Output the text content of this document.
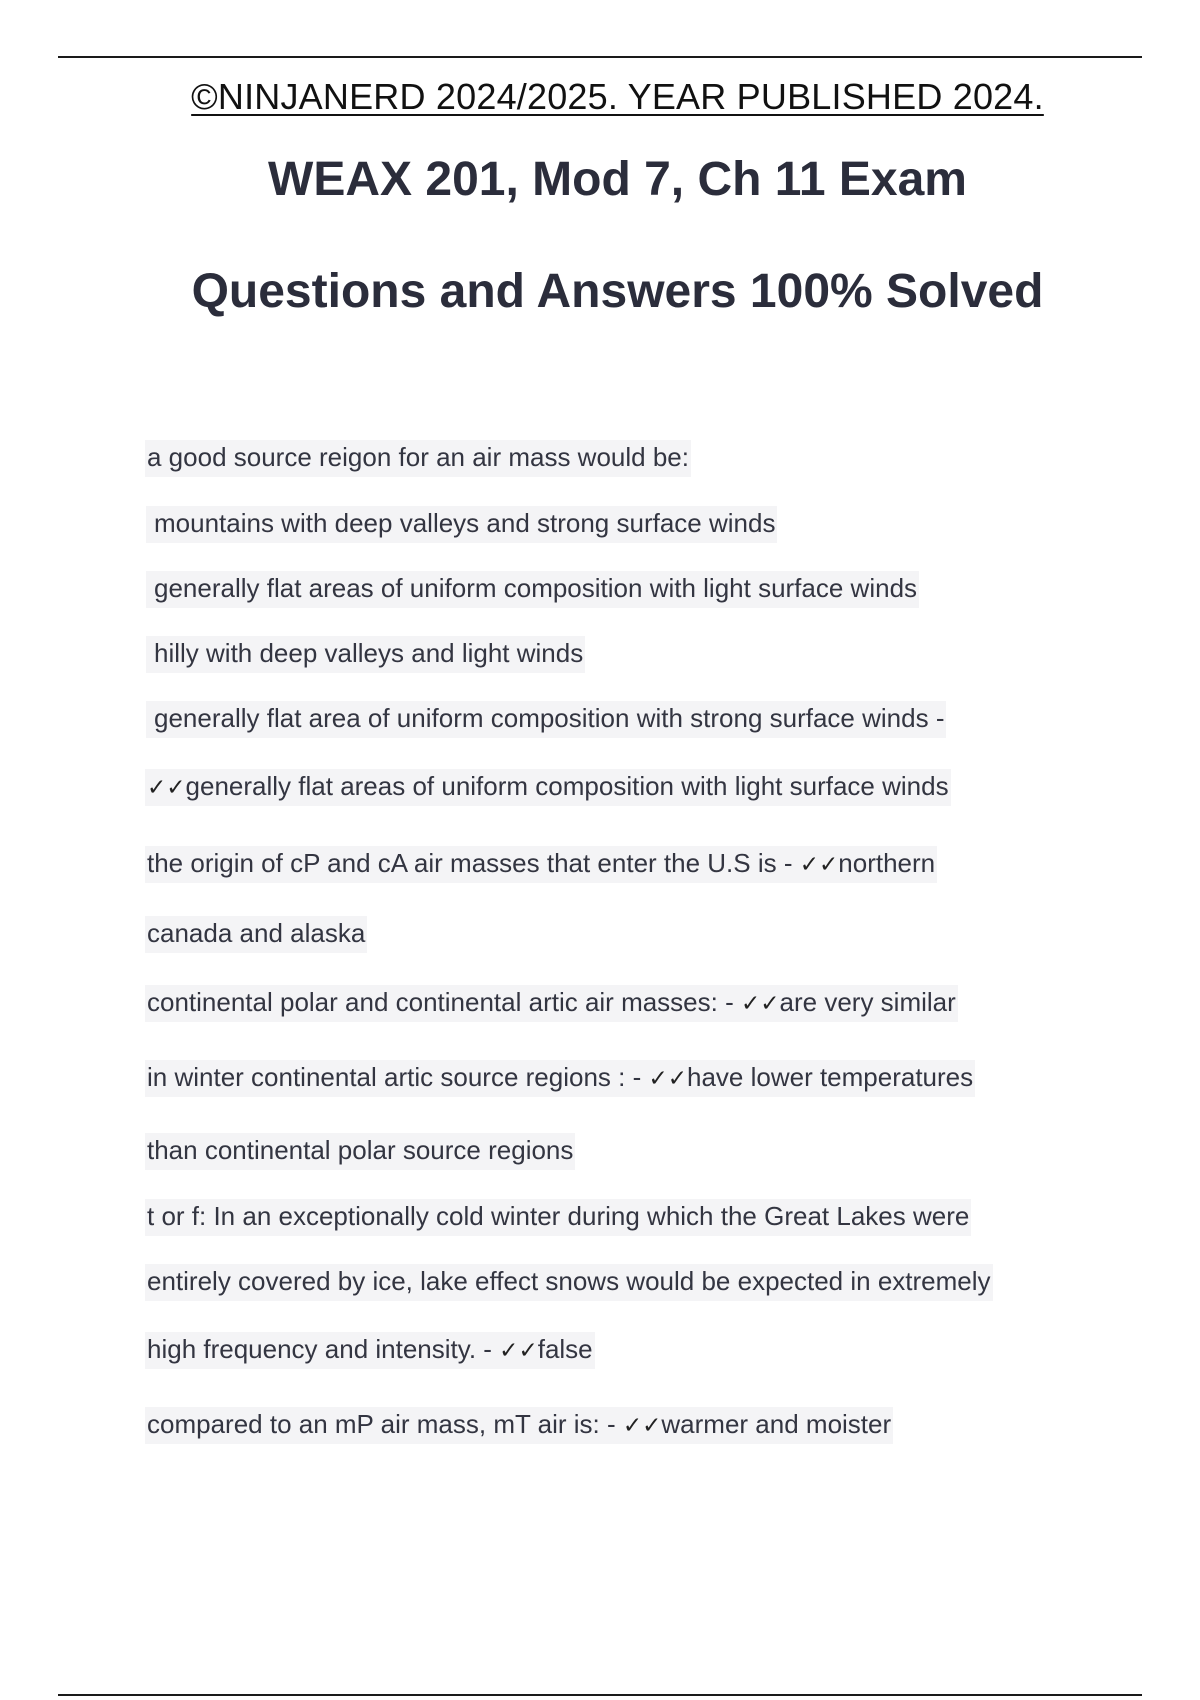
©NINJANERD 2024/2025. YEAR PUBLISHED 2024.
WEAX 201, Mod 7, Ch 11 Exam
Questions and Answers 100% Solved
a good source reigon for an air mass would be:
mountains with deep valleys and strong surface winds
generally flat areas of uniform composition with light surface winds
hilly with deep valleys and light winds
generally flat area of uniform composition with strong surface winds -
✓✓generally flat areas of uniform composition with light surface winds
the origin of cP and cA air masses that enter the U.S is - ✓✓northern
canada and alaska
continental polar and continental artic air masses: - ✓✓are very similar
in winter continental artic source regions : - ✓✓have lower temperatures
than continental polar source regions
t or f: In an exceptionally cold winter during which the Great Lakes were
entirely covered by ice, lake effect snows would be expected in extremely
high frequency and intensity. - ✓✓false
compared to an mP air mass, mT air is: - ✓✓warmer and moister
